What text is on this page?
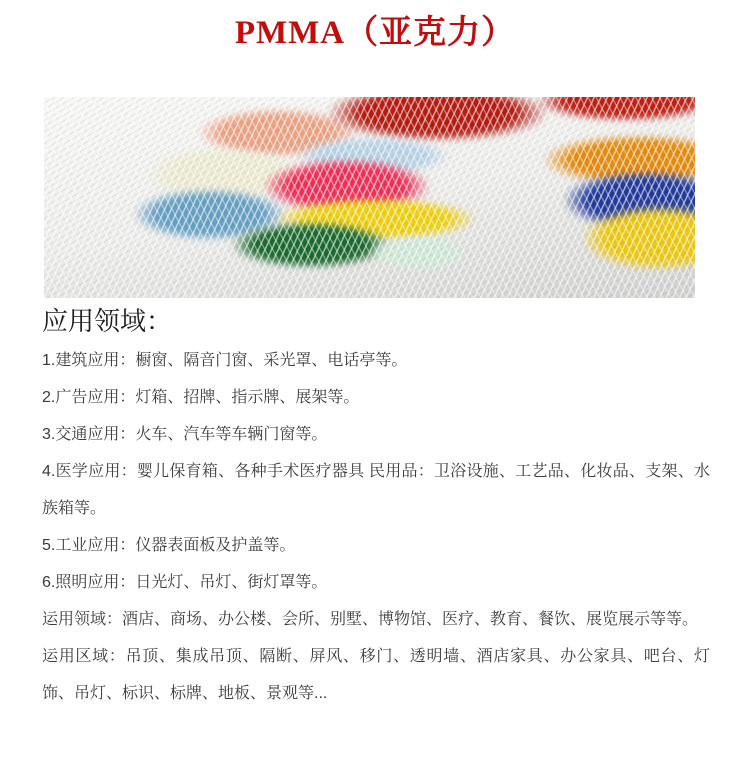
PMMA（亚克力）
应用领域：

1.建筑应用：橱窗、隔音门窗、采光罩、电话亭等。

2.广告应用：灯箱、招牌、指示牌、展架等。

3.交通应用：火车、汽车等车辆门窗等。

4.医学应用：婴儿保育箱、各种手术医疗器具 民用品：卫浴设施、工艺品、化妆品、支架、水族箱等。

5.工业应用：仪器表面板及护盖等。

6.照明应用：日光灯、吊灯、街灯罩等。

运用领域：酒店、商场、办公楼、会所、别墅、博物馆、医疗、教育、餐饮、展览展示等等。

运用区域：吊顶、集成吊顶、隔断、屏风、移门、透明墙、酒店家具、办公家具、吧台、灯饰、吊灯、标识、标牌、地板、景观等...
